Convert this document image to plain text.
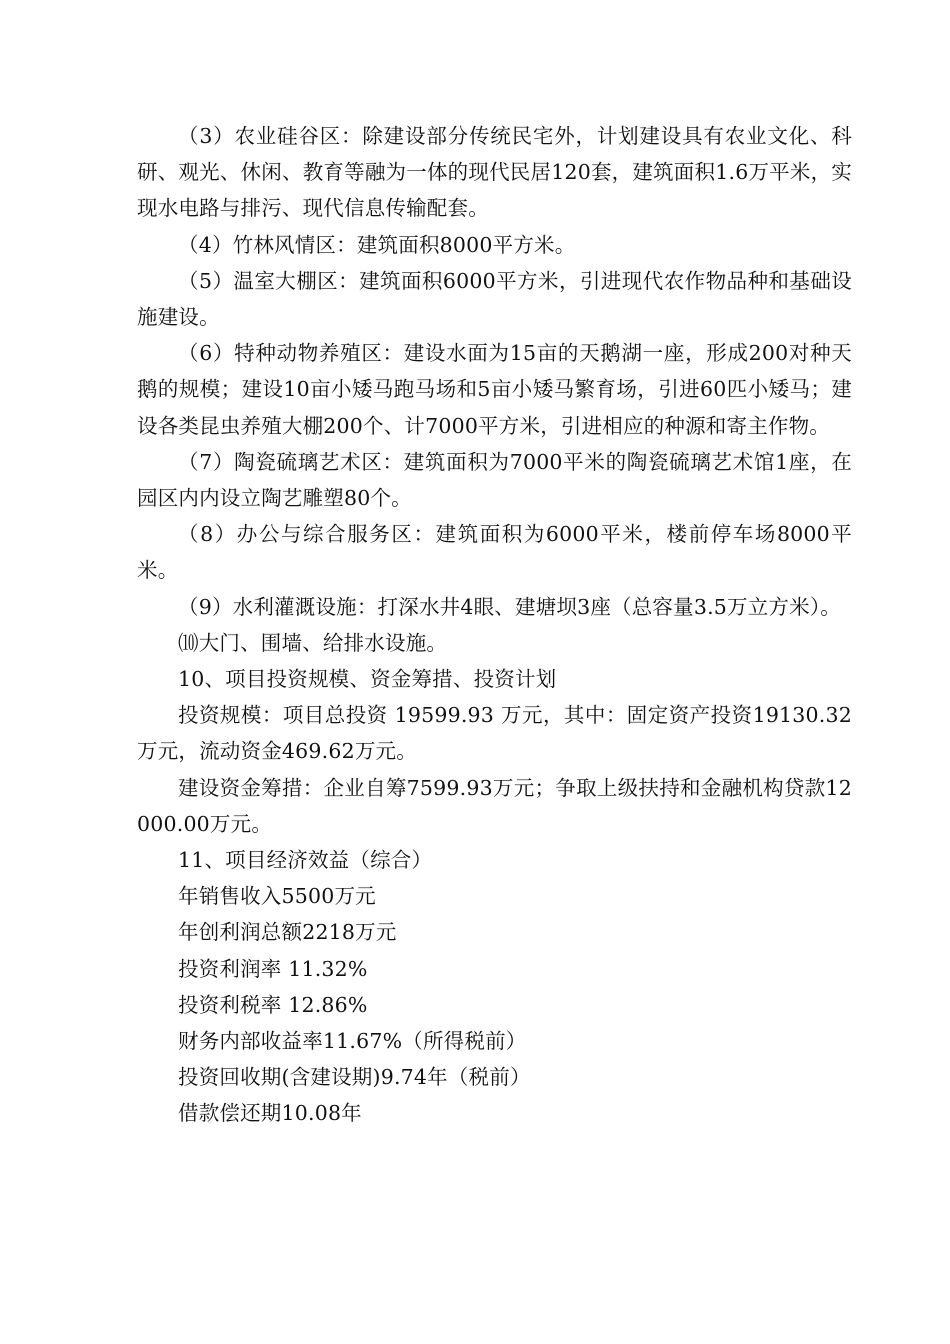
（3）农业硅谷区：除建设部分传统民宅外，计划建设具有农业文化、科研、观光、休闲、教育等融为一体的现代民居120套，建筑面积1.6万平米，实现水电路与排污、现代信息传输配套。

（4）竹林风情区：建筑面积8000平方米。

（5）温室大棚区：建筑面积6000平方米，引进现代农作物品种和基础设施建设。

（6）特种动物养殖区：建设水面为15亩的天鹅湖一座，形成200对种天鹅的规模；建设10亩小矮马跑马场和5亩小矮马繁育场，引进60匹小矮马；建设各类昆虫养殖大棚200个、计7000平方米，引进相应的种源和寄主作物。

（7）陶瓷硫璃艺术区：建筑面积为7000平米的陶瓷硫璃艺术馆1座，在园区内内设立陶艺雕塑80个。

（8）办公与综合服务区：建筑面积为6000平米，楼前停车场8000平米。

（9）水利灌溉设施：打深水井4眼、建塘坝3座（总容量3.5万立方米）。

⑽大门、围墙、给排水设施。

10、项目投资规模、资金筹措、投资计划

投资规模：项目总投资 19599.93 万元，其中：固定资产投资19130.32万元，流动资金469.62万元。

建设资金筹措：企业自筹7599.93万元；争取上级扶持和金融机构贷款12000.00万元。

11、项目经济效益（综合）

年销售收入5500万元

年创利润总额2218万元

投资利润率 11.32%

投资利税率 12.86%

财务内部收益率11.67%（所得税前）

投资回收期(含建设期)9.74年（税前）

借款偿还期10.08年
